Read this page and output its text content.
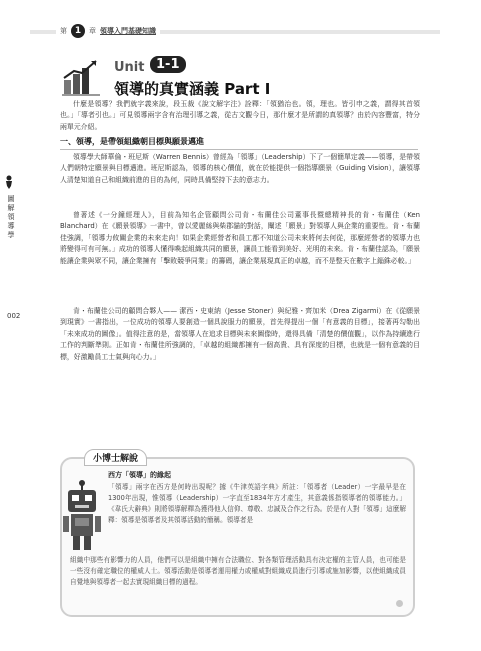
第 1	章 領導入門基礎知識
Unit 1-1
領導的真實涵義 Part Ⅰ
圖
解
領
導
學
002

什麼是領導？我們就字義來說，段玉裁《說文解字注》詮釋：「領猶治也。領，理也。皆引申之義，謂得其首領也。」「導者引也。」可見領導兩字含有治理引導之義，從古文觀今日，那什麼才是所謂的真領導？由於內容豐富，特分兩單元介紹。

一、領導，是帶領組織朝目標與願景邁進

領導學大師華倫・班尼斯（Warren Bennis）曾經為「領導」（Leadership）下了一個簡單定義——領導，是帶領人們朝特定願景與目標邁進。班尼斯認為，領導的核心價值，就在於能提供一個指導願景（Guiding Vision），讓領導人清楚知道自己和組織前進的目的為何，同時具備堅持下去的意志力。

曾著述《一分鐘經理人》，目前為知名企管顧問公司肯・布蘭佳公司董事長暨總精神長的肯・布蘭佳（Ken Blanchard）在《願景領導》一書中，曾以愛麗絲與柴郡貓的對話，闡述「願景」對領導人與企業的重要性。肯・布蘭佳強調，「領導力攸關企業的未來走向！如果企業經營者和員工都不知道公司未來將何去何從，那麼經營者的領導力也將變得可有可無。」成功的領導人懂得喚起組織共同的願景，讓員工能看到美好、光明的未來。肯・布蘭佳認為，「願景能讓企業與眾不同，讓企業擁有「擊敗競爭同業」的籌碼，讓企業展現真正的卓越，而不是整天在數字上錙銖必較。」

肯・布蘭佳公司的顧問合夥人—— 潔西・史東納（Jesse Stoner）與紀雅・齊加米（Drea Zigarmi）在《從願景到現實》一書指出，一位成功的領導人要創造一個具說服力的願景，首先得提出一個「有意義的目標」，接著再勾勒出「未來成功的圖像」。值得注意的是，當領導人在追求目標與未來圖像時，還得具備「清楚的價值觀」，以作為持續進行工作的判斷準則。正如肯・布蘭佳所強調的，「卓越的組織都擁有一個高貴、具有深度的目標，也就是一個有意義的目標，好激勵員工士氣與向心力。」

小博士解說
西方「領導」的緣起

「領導」兩字在西方是何時出現呢？據《牛津英語字典》所註：「領導者（Leader）一字最早是在1300年出現，惟領導（Leadership）一字直至1834年方才產生，其意義係指領導者的領導能力。」《韋氏大辭典》則將領導解釋為獲得他人信仰、尊敬、忠誠及合作之行為。於是有人對「領導」這麼解釋：領導是領導者及其領導活動的簡稱。領導者是

組織中那些有影響力的人員，他們可以是組織中擁有合法職位、對各類管理活動具有決定權的主管人員，也可能是一些沒有確定職位的權威人士。領導活動是領導者運用權力或權威對組織成員進行引導或施加影響，以使組織成員自覺地與領導者一起去實現組織目標的過程。
